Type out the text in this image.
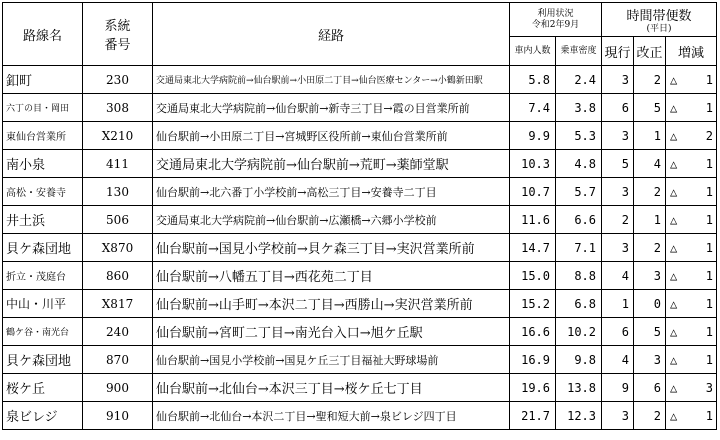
路線名	系統
番号	経路	利用状況
令和2年9月		時間帯便数
(平日)		

			車内人数	乗車密度	現行	改正	増減
釦町	230	交通局東北大学病院前→仙台駅前→小田原二丁目→仙台医療センター→小鶴新田駅	5.8	2.4	3	2	△ 1

六丁の目・岡田	308	交通局東北大学病院前→仙台駅前→新寺三丁目→霞の目営業所前	7.4	3.8	6	5	△ 1

東仙台営業所	X210	仙台駅前→小田原二丁目→宮城野区役所前→東仙台営業所前	9.9	5.3	3	1	△ 2

南小泉	411	交通局東北大学病院前→仙台駅前→荒町→薬師堂駅	10.3	4.8	5	4	△ 1

高松・安養寺	130	仙台駅前→北六番丁小学校前→高松三丁目→安養寺二丁目	10.7	5.7	3	2	△ 1

井土浜	506	交通局東北大学病院前→仙台駅前→広瀬橋→六郷小学校前	11.6	6.6	2	1	△ 1

貝ケ森団地	X870	仙台駅前→国見小学校前→貝ケ森三丁目→実沢営業所前	14.7	7.1	3	2	△ 1

折立・茂庭台	860	仙台駅前→八幡五丁目→西花苑二丁目	15.0	8.8	4	3	△ 1

中山・川平	X817	仙台駅前→山手町→本沢二丁目→西勝山→実沢営業所前	15.2	6.8	1	0	△ 1

鶴ケ谷・南光台	240	仙台駅前→宮町二丁目→南光台入口→旭ケ丘駅	16.6	10.2	6	5	△ 1

貝ケ森団地	870	仙台駅前→国見小学校前→国見ケ丘三丁目福祉大野球場前	16.9	9.8	4	3	△ 1

桜ケ丘	900	仙台駅前→北仙台→本沢三丁目→桜ケ丘七丁目	19.6	13.8	9	6	△ 3

泉ビレジ	910	仙台駅前→北仙台→本沢二丁目→聖和短大前→泉ビレジ四丁目	21.7	12.3	3	2	△ 1
